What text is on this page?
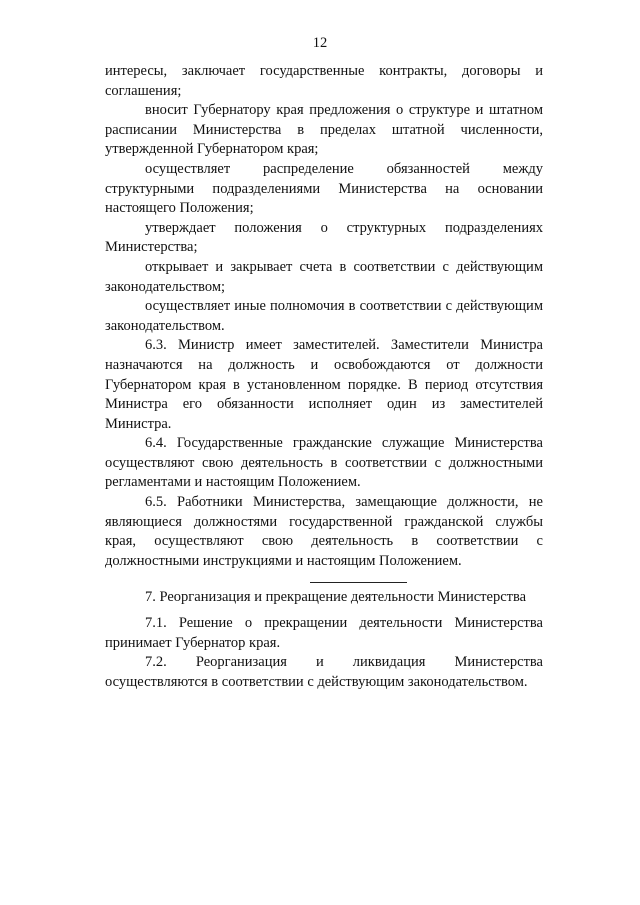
12

интересы, заключает государственные контракты, договоры и соглашения;

вносит Губернатору края предложения о структуре и штатном расписании Министерства в пределах штатной численности, утвержденной Губернатором края;

осуществляет распределение обязанностей между структурными подразделениями Министерства на основании настоящего Положения;

утверждает положения о структурных подразделениях Министерства;

открывает и закрывает счета в соответствии с действующим законодательством;

осуществляет иные полномочия в соответствии с действующим законодательством.

6.3. Министр имеет заместителей. Заместители Министра назначаются на должность и освобождаются от должности Губернатором края в установленном порядке. В период отсутствия Министра его обязанности исполняет один из заместителей Министра.

6.4. Государственные гражданские служащие Министерства осуществляют свою деятельность в соответствии с должностными регламентами и настоящим Положением.

6.5. Работники Министерства, замещающие должности, не являющиеся должностями государственной гражданской службы края, осуществляют свою деятельность в соответствии с должностными инструкциями и настоящим Положением.

7. Реорганизация и прекращение деятельности Министерства

7.1. Решение о прекращении деятельности Министерства принимает Губернатор края.

7.2. Реорганизация и ликвидация Министерства осуществляются в соответствии с действующим законодательством.
